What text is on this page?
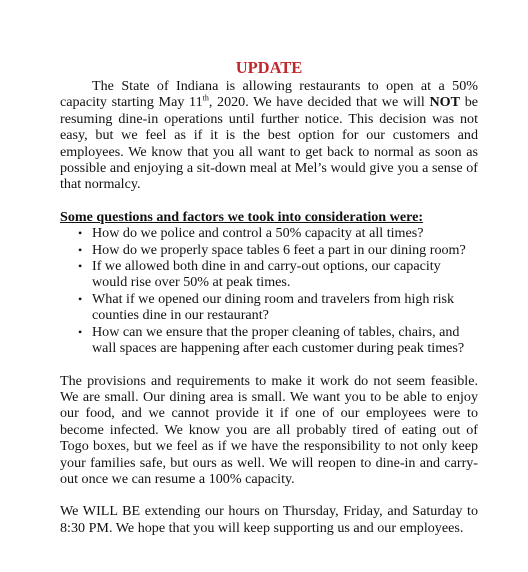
UPDATE

The State of Indiana is allowing restaurants to open at a 50% capacity starting May 11th, 2020. We have decided that we will NOT be resuming dine-in operations until further notice. This decision was not easy, but we feel as if it is the best option for our customers and employees. We know that you all want to get back to normal as soon as possible and enjoying a sit-down meal at Mel’s would give you a sense of that normalcy.

Some questions and factors we took into consideration were:

• How do we police and control a 50% capacity at all times?
• How do we properly space tables 6 feet a part in our dining room?
• If we allowed both dine in and carry-out options, our capacity would rise over 50% at peak times.
• What if we opened our dining room and travelers from high risk counties dine in our restaurant?
• How can we ensure that the proper cleaning of tables, chairs, and wall spaces are happening after each customer during peak times?

The provisions and requirements to make it work do not seem feasible. We are small. Our dining area is small. We want you to be able to enjoy our food, and we cannot provide it if one of our employees were to become infected. We know you are all probably tired of eating out of Togo boxes, but we feel as if we have the responsibility to not only keep your families safe, but ours as well. We will reopen to dine-in and carry-out once we can resume a 100% capacity.

We WILL BE extending our hours on Thursday, Friday, and Saturday to 8:30 PM. We hope that you will keep supporting us and our employees.
